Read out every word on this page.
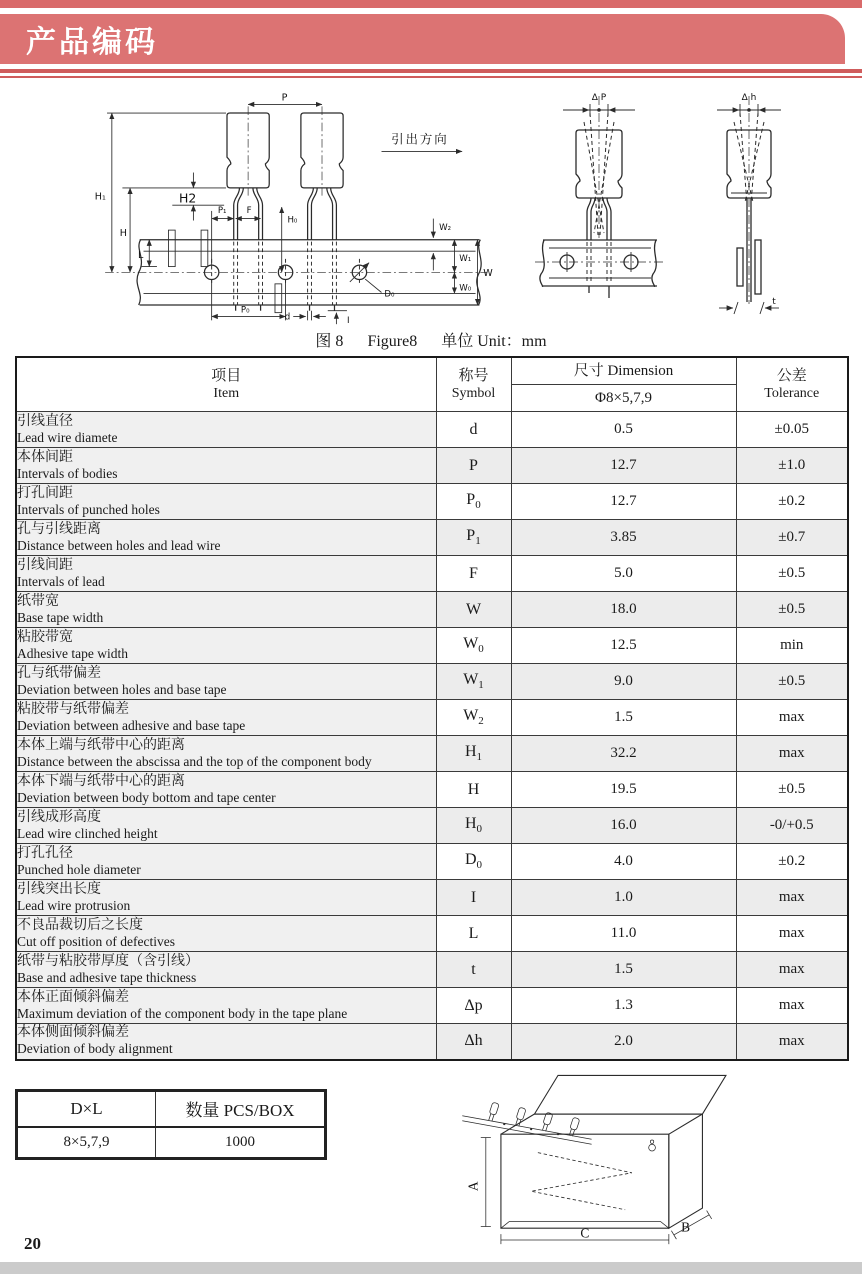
产品编码
P
H₁
H
H2
L
P₁ F
H₀
引出方向
W₂
W₁
W₀
W
D₀
P₀
d	I
Δ P	Δ h
t
图 8 Figure8 单位 Unit：mm
项目
Item

称号
Symbol

尺寸 Dimension	公差
Tolerance

		Φ8×5,7,9	

引线直径
Lead wire diamete	d	0.5	±0.05

本体间距
Intervals of bodies	P	12.7	±1.0

打孔间距
Intervals of punched holes	$P_0$	12.7	±0.2

孔与引线距离
Distance between holes and lead wire	$P_1$	3.85	±0.7

引线间距
Intervals of lead	F	5.0	±0.5

纸带宽
Base tape width	W	18.0	±0.5

粘胶带宽
Adhesive tape width	$W_0$	12.5	min

孔与纸带偏差
Deviation between holes and base tape	$W_1$	9.0	±0.5

粘胶带与纸带偏差
Deviation between adhesive and base tape	$W_2$	1.5	max

本体上端与纸带中心的距离
Distance between the abscissa and the top of the component body	$H_1$	32.2	max

本体下端与纸带中心的距离
Deviation between body bottom and tape center	H	19.5	±0.5

引线成形高度
Lead wire clinched height	$H_0$	16.0	-0/+0.5

打孔孔径
Punched hole diameter	$D_0$	4.0	±0.2

引线突出长度
Lead wire protrusion	I	1.0	max

不良品裁切后之长度
Cut off position of defectives	L	11.0	max

纸带与粘胶带厚度（含引线）
Base and adhesive tape thickness	t	1.5	max

本体正面倾斜偏差
Maximum deviation of the component body in the tape plane	Δp	1.3	max

本体侧面倾斜偏差
Deviation of body alignment	Δh	2.0	max
D×L	数量 PCS/BOX
8×5,7,9	1000
A
C	B
20
